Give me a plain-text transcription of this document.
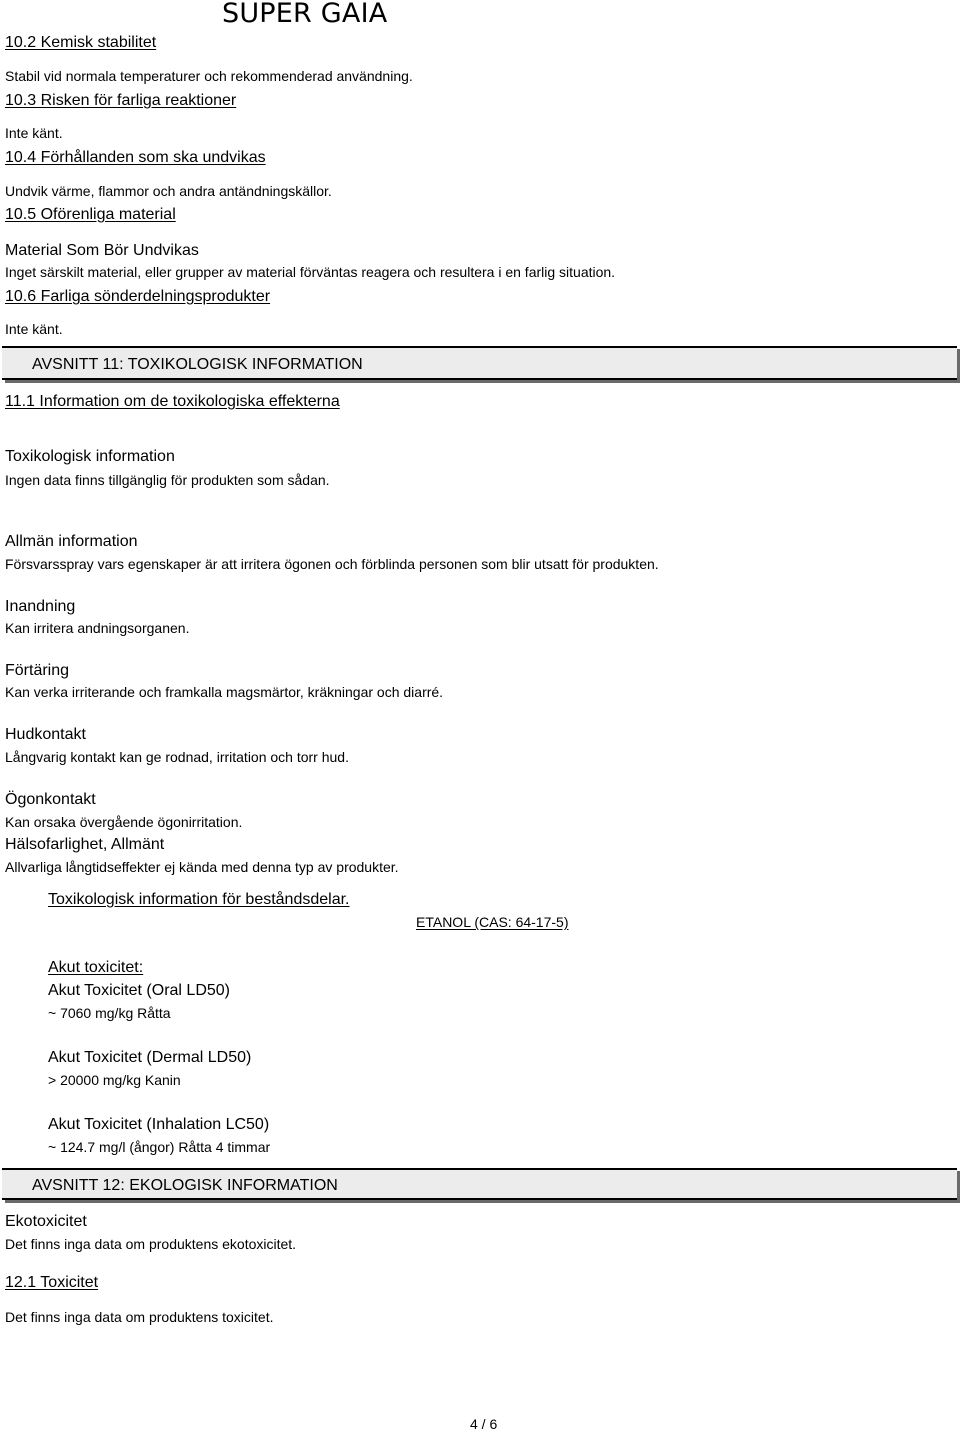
SUPER GAIA
10.2 Kemisk stabilitet
Stabil vid normala temperaturer och rekommenderad användning.
10.3 Risken för farliga reaktioner
Inte känt.
10.4 Förhållanden som ska undvikas
Undvik värme, flammor och andra antändningskällor.
10.5 Oförenliga material
Material Som Bör Undvikas
Inget särskilt material, eller grupper av material förväntas reagera och resultera i en farlig situation.
10.6 Farliga sönderdelningsprodukter
Inte känt.
AVSNITT 11: TOXIKOLOGISK INFORMATION
11.1 Information om de toxikologiska effekterna
Toxikologisk information
Ingen data finns tillgänglig för produkten som sådan.
Allmän information
Försvarsspray vars egenskaper är att irritera ögonen och förblinda personen som blir utsatt för produkten.
Inandning
Kan irritera andningsorganen.
Förtäring
Kan verka irriterande och framkalla magsmärtor, kräkningar och diarré.
Hudkontakt
Långvarig kontakt kan ge rodnad, irritation och torr hud.
Ögonkontakt
Kan orsaka övergående ögonirritation.
Hälsofarlighet, Allmänt
Allvarliga långtidseffekter ej kända med denna typ av produkter.
Toxikologisk information för beståndsdelar.
ETANOL (CAS: 64-17-5)
Akut toxicitet:
Akut Toxicitet (Oral LD50)
~ 7060 mg/kg Råtta
Akut Toxicitet (Dermal LD50)
> 20000 mg/kg Kanin
Akut Toxicitet (Inhalation LC50)
~ 124.7 mg/l (ångor) Råtta 4 timmar
AVSNITT 12: EKOLOGISK INFORMATION
Ekotoxicitet
Det finns inga data om produktens ekotoxicitet.
12.1 Toxicitet
Det finns inga data om produktens toxicitet.
4 / 6
